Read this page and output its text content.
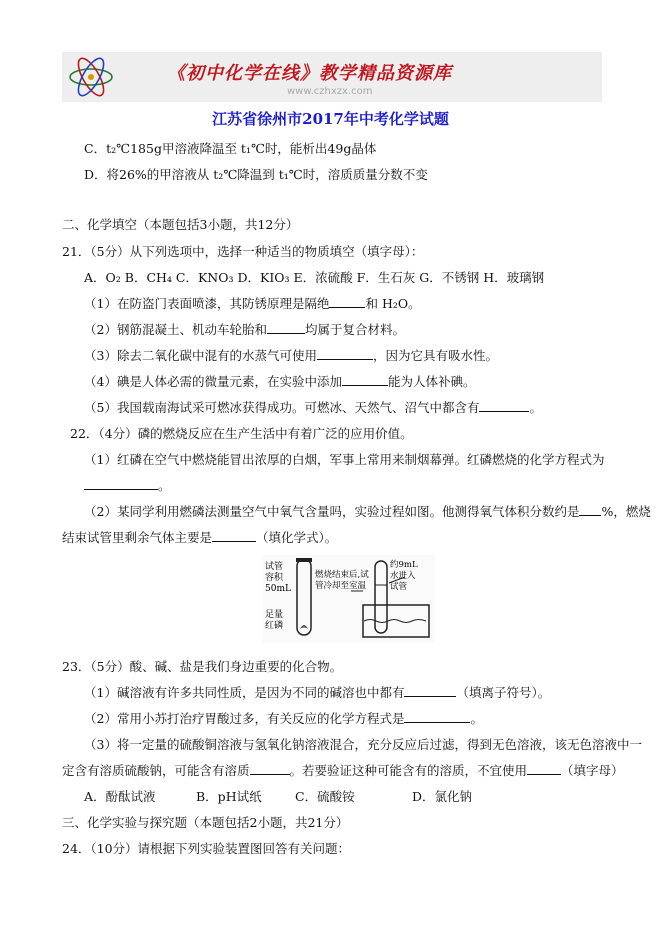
《初中化学在线》教学精品资源库
www.czhxzx.com
江苏省徐州市2017年中考化学试题
C．t₂℃185g甲溶液降温至 t₁℃时，能析出49g晶体
D．将26%的甲溶液从 t₂℃降温到 t₁℃时，溶质质量分数不变
二、化学填空（本题包括3小题，共12分）
21．（5分）从下列选项中，选择一种适当的物质填空（填字母）：
A．O₂ B．CH₄ C．KNO₃ D．KIO₃ E．浓硫酸 F．生石灰 G．不锈钢 H．玻璃钢
（1）在防盗门表面喷漆，其防锈原理是隔绝	和 H₂O。
（2）钢筋混凝土、机动车轮胎和	均属于复合材料。
（3）除去二氧化碳中混有的水蒸气可使用	，因为它具有吸水性。
（4）碘是人体必需的微量元素，在实验中添加	能为人体补碘。
（5）我国载南海试采可燃冰获得成功。可燃冰、天然气、沼气中都含有	。
22．（4分）磷的燃烧反应在生产生活中有着广泛的应用价值。
（1）红磷在空气中燃烧能冒出浓厚的白烟，军事上常用来制烟幕弹。红磷燃烧的化学方程式为
。
（2）某同学利用燃磷法测量空气中氧气含量吗，实验过程如图。他测得氧气体积分数约是 %，燃烧
结束试管里剩余气体主要是	（填化学式）。
试管
容积
50mL
足量
红磷
燃烧结束后,试
管冷却至室温
约9mL
水进入
试管
23．（5分）酸、碱、盐是我们身边重要的化合物。
（1）碱溶液有许多共同性质，是因为不同的碱溶也中都有	（填离子符号）。
（2）常用小苏打治疗胃酸过多，有关反应的化学方程式是	。
（3）将一定量的硫酸铜溶液与氢氧化钠溶液混合，充分反应后过滤，得到无色溶液，该无色溶液中一
定含有溶质硫酸钠，可能含有溶质	。若要验证这种可能含有的溶质，不宜使用	（填字母）
A．酚酞试液	B．pH试纸	C．硫酸铵	D．氯化钠
三、化学实验与探究题（本题包括2小题，共21分）
24．（10分）请根据下列实验装置图回答有关问题：
